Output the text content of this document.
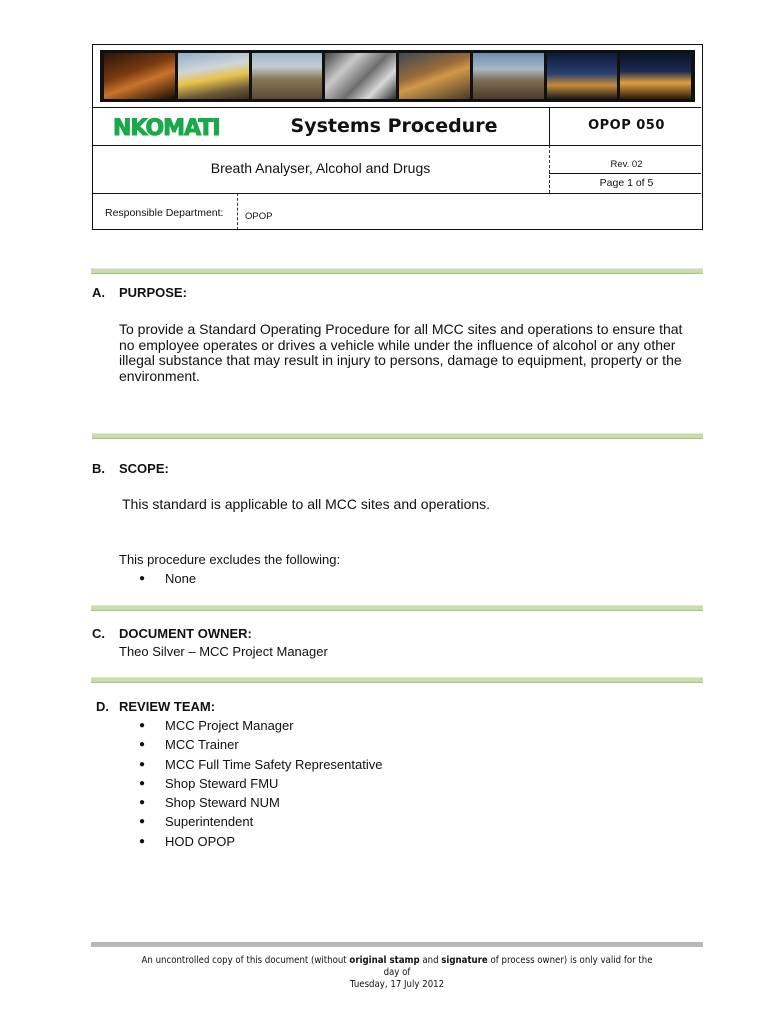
NKOMATI	Systems Procedure	OPOP 050
Breath Analyser, Alcohol and Drugs	Rev. 02
Page 1 of 5
Responsible Department: OPOP
A. PURPOSE:
To provide a Standard Operating Procedure for all MCC sites and operations to ensure that
no employee operates or drives a vehicle while under the influence of alcohol or any other
illegal substance that may result in injury to persons, damage to equipment, property or the
environment.
B. SCOPE:
This standard is applicable to all MCC sites and operations.
This procedure excludes the following:
● None
C. DOCUMENT OWNER:
Theo Silver – MCC Project Manager
D. REVIEW TEAM:
● MCC Project Manager
● MCC Trainer
● MCC Full Time Safety Representative
● Shop Steward FMU
● Shop Steward NUM
● Superintendent
● HOD OPOP
An uncontrolled copy of this document (without original stamp and signature of process owner) is only valid for the day of
Tuesday, 17 July 2012
